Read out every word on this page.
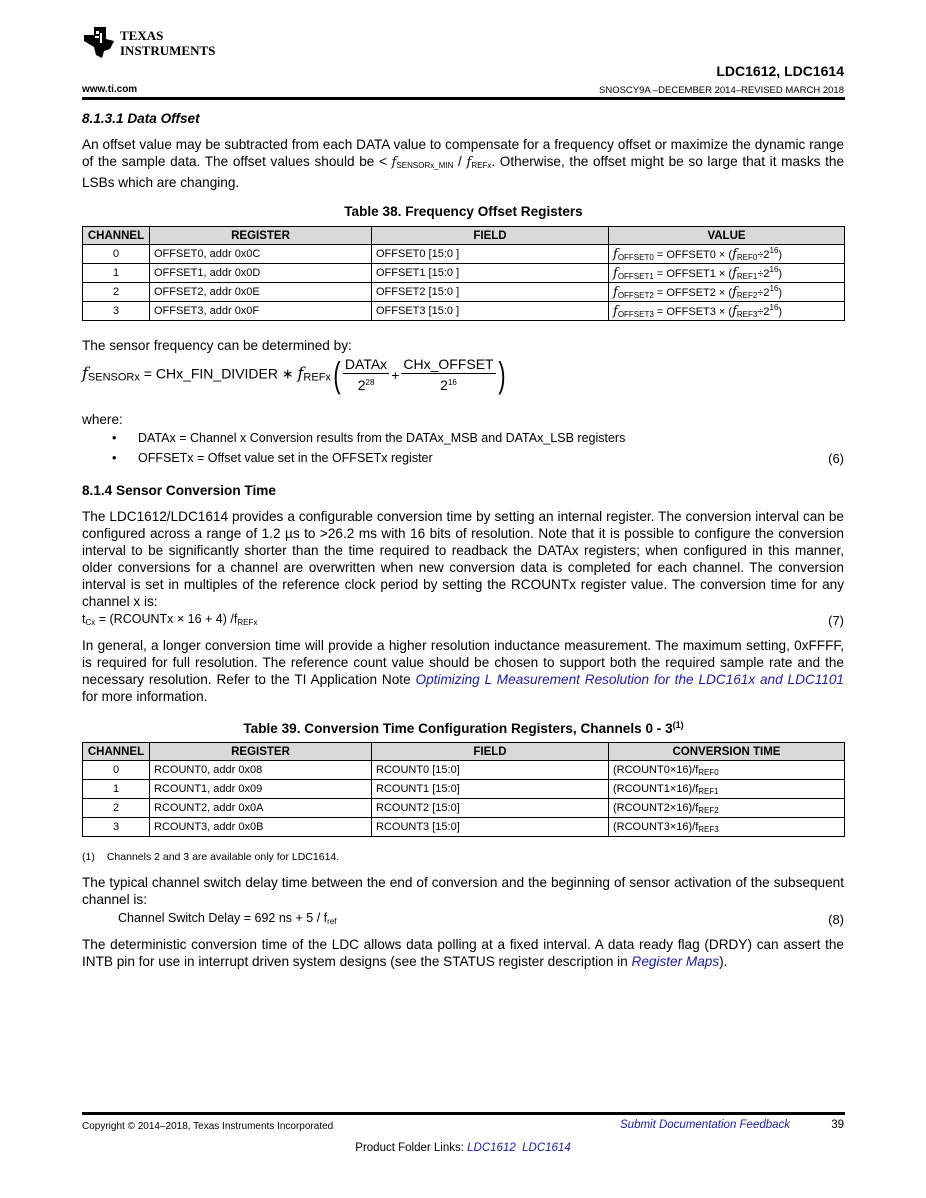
TEXAS
INSTRUMENTS
LDC1612, LDC1614
www.ti.com	SNOSCY9A –DECEMBER 2014–REVISED MARCH 2018
8.1.3.1 Data Offset
An offset value may be subtracted from each DATA value to compensate for a frequency offset or maximize the dynamic range of the sample data. The offset values should be < $f_{SENSORx\_MIN} / f_{REFx}$. Otherwise, the offset might be so large that it masks the LSBs which are changing.
Table 38. Frequency Offset Registers
CHANNEL	REGISTER	FIELD	VALUE
0	OFFSET0, addr 0x0C	OFFSET0 [15:0 ]	$f_{OFFSET0}$ = OFFSET0 × $(f_{REF0}\div 2^{16})$
1	OFFSET1, addr 0x0D	OFFSET1 [15:0 ]	$f_{OFFSET1}$ = OFFSET1 × $(f_{REF1}\div 2^{16})$
2	OFFSET2, addr 0x0E	OFFSET2 [15:0 ]	$f_{OFFSET2}$ = OFFSET2 × $(f_{REF2}\div 2^{16})$
3	OFFSET3, addr 0x0F	OFFSET3 [15:0 ]	$f_{OFFSET3}$ = OFFSET3 × $(f_{REF3}\div 2^{16})$
The sensor frequency can be determined by:
$f_{SENSORx}$ = CHx_FIN_DIVIDER ∗ $f_{REFx}( \frac{\text{DATAx}}{2^{28}} + \frac{\text{CHx\_OFFSET}}{2^{16}}$ )
where:
• DATAx = Channel x Conversion results from the DATAx_MSB and DATAx_LSB registers
• OFFSETx = Offset value set in the OFFSETx register	(6)
8.1.4 Sensor Conversion Time
The LDC1612/LDC1614 provides a configurable conversion time by setting an internal register. The conversion interval can be configured across a range of 1.2 µs to >26.2 ms with 16 bits of resolution. Note that it is possible to configure the conversion interval to be significantly shorter than the time required to readback the DATAx registers; when configured in this manner, older conversions for a channel are overwritten when new conversion data is completed for each channel. The conversion interval is set in multiples of the reference clock period by setting the RCOUNTx register value. The conversion time for any channel x is:
$t_{Cx}$ = (RCOUNTx × 16 + 4) $/f_{REFx}$	(7)
In general, a longer conversion time will provide a higher resolution inductance measurement. The maximum setting, 0xFFFF, is required for full resolution. The reference count value should be chosen to support both the required sample rate and the necessary resolution. Refer to the TI Application Note Optimizing L Measurement Resolution for the LDC161x and LDC1101 for more information.
Table 39. Conversion Time Configuration Registers, Channels 0 - 3$^{(1)}$
CHANNEL	REGISTER	FIELD	CONVERSION TIME
0	RCOUNT0, addr 0x08	RCOUNT0 [15:0]	$(RCOUNT0\times 16)/f_{REF0}$
1	RCOUNT1, addr 0x09	RCOUNT1 [15:0]	$(RCOUNT1\times 16)/f_{REF1}$
2	RCOUNT2, addr 0x0A	RCOUNT2 [15:0]	$(RCOUNT2\times 16)/f_{REF2}$
3	RCOUNT3, addr 0x0B	RCOUNT3 [15:0]	$(RCOUNT3\times 16)/f_{REF3}$
(1) Channels 2 and 3 are available only for LDC1614.
The typical channel switch delay time between the end of conversion and the beginning of sensor activation of the subsequent channel is:
Channel Switch Delay = 692 ns + $5 / f_{ref}$	(8)
The deterministic conversion time of the LDC allows data polling at a fixed interval. A data ready flag (DRDY) can assert the INTB pin for use in interrupt driven system designs (see the STATUS register description in Register Maps).
Copyright © 2014–2018, Texas Instruments Incorporated	Submit Documentation Feedback	39
Product Folder Links: LDC1612 LDC1614
